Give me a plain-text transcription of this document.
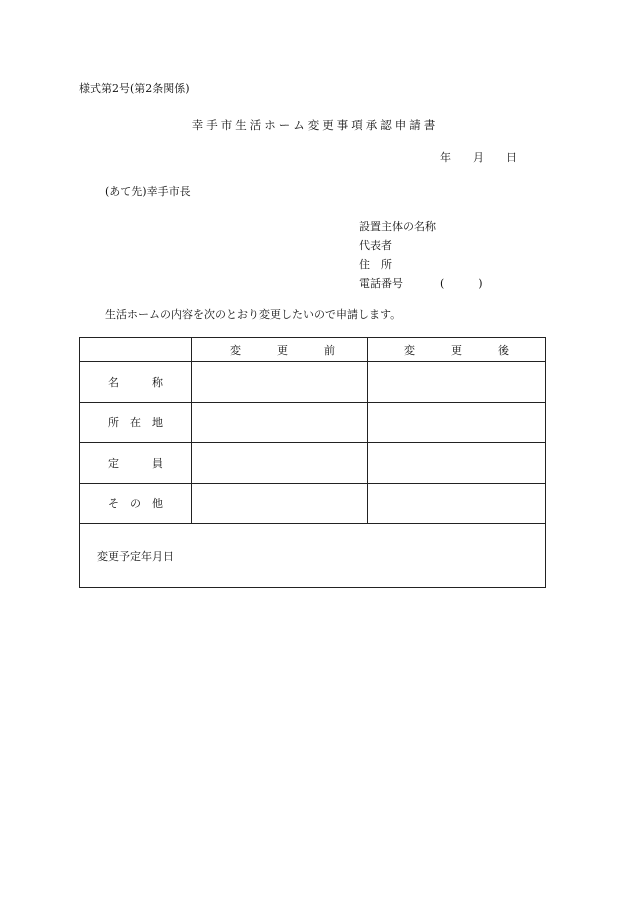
様式第2号(第2条関係)
幸手市生活ホーム変更事項承認申請書
年 月 日
(あて先)幸手市長
設置主体の名称
代表者
住 所
電話番号	(	)
生活ホームの内容を次のとおり変更したいので申請します。

	変 更 前	変 更 後

名 称		

所 在 地		

定 員		

そ の 他		

変更予定年月日		
